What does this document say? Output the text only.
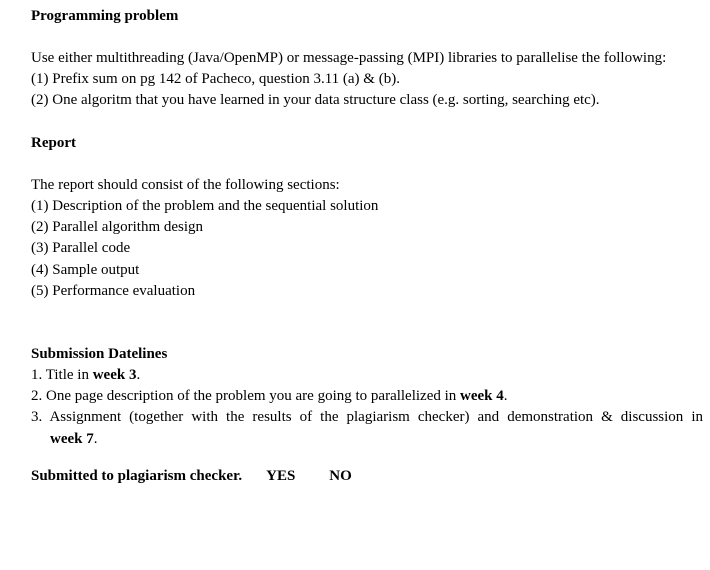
Programming problem
Use either multithreading (Java/OpenMP) or message-passing (MPI) libraries to parallelise the following:
(1) Prefix sum on pg 142 of Pacheco, question 3.11 (a) & (b).
(2) One algoritm that you have learned in your data structure class (e.g. sorting, searching etc).
Report
The report should consist of the following sections:
(1) Description of the problem and the sequential solution
(2) Parallel algorithm design
(3) Parallel code
(4) Sample output
(5) Performance evaluation
Submission Datelines
1. Title in week 3.
2. One page description of the problem you are going to parallelized in week 4.
3. Assignment (together with the results of the plagiarism checker) and demonstration & discussion in
week 7.
Submitted to plagiarism checker. YES NO
